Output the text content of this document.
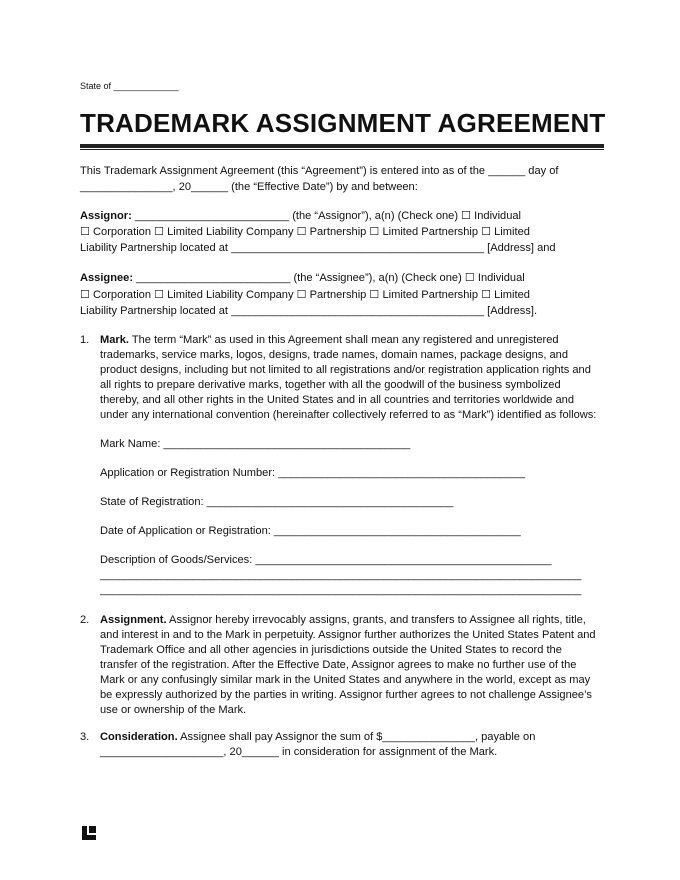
State of _____________
TRADEMARK ASSIGNMENT AGREEMENT
This Trademark Assignment Agreement (this “Agreement”) is entered into as of the ______ day of
_______________, 20______ (the “Effective Date”) by and between:
Assignor: _________________________ (the “Assignor”), a(n) (Check one) ☐ Individual
☐ Corporation ☐ Limited Liability Company ☐ Partnership ☐ Limited Partnership ☐ Limited
Liability Partnership located at _________________________________________ [Address] and
Assignee: _________________________ (the “Assignee”), a(n) (Check one) ☐ Individual
☐ Corporation ☐ Limited Liability Company ☐ Partnership ☐ Limited Partnership ☐ Limited
Liability Partnership located at _________________________________________ [Address].
1. Mark. The term “Mark” as used in this Agreement shall mean any registered and unregistered
trademarks, service marks, logos, designs, trade names, domain names, package designs, and
product designs, including but not limited to all registrations and/or registration application rights and
all rights to prepare derivative marks, together with all the goodwill of the business symbolized
thereby, and all other rights in the United States and in all countries and territories worldwide and
under any international convention (hereinafter collectively referred to as “Mark”) identified as follows:
Mark Name: ________________________________________
Application or Registration Number: ________________________________________
State of Registration: ________________________________________
Date of Application or Registration: ________________________________________
Description of Goods/Services: ________________________________________________
______________________________________________________________________________
______________________________________________________________________________
2. Assignment. Assignor hereby irrevocably assigns, grants, and transfers to Assignee all rights, title,
and interest in and to the Mark in perpetuity. Assignor further authorizes the United States Patent and
Trademark Office and all other agencies in jurisdictions outside the United States to record the
transfer of the registration. After the Effective Date, Assignor agrees to make no further use of the
Mark or any confusingly similar mark in the United States and anywhere in the world, except as may
be expressly authorized by the parties in writing. Assignor further agrees to not challenge Assignee’s
use or ownership of the Mark.
3. Consideration. Assignee shall pay Assignor the sum of $_______________, payable on
____________________, 20______ in consideration for assignment of the Mark.
